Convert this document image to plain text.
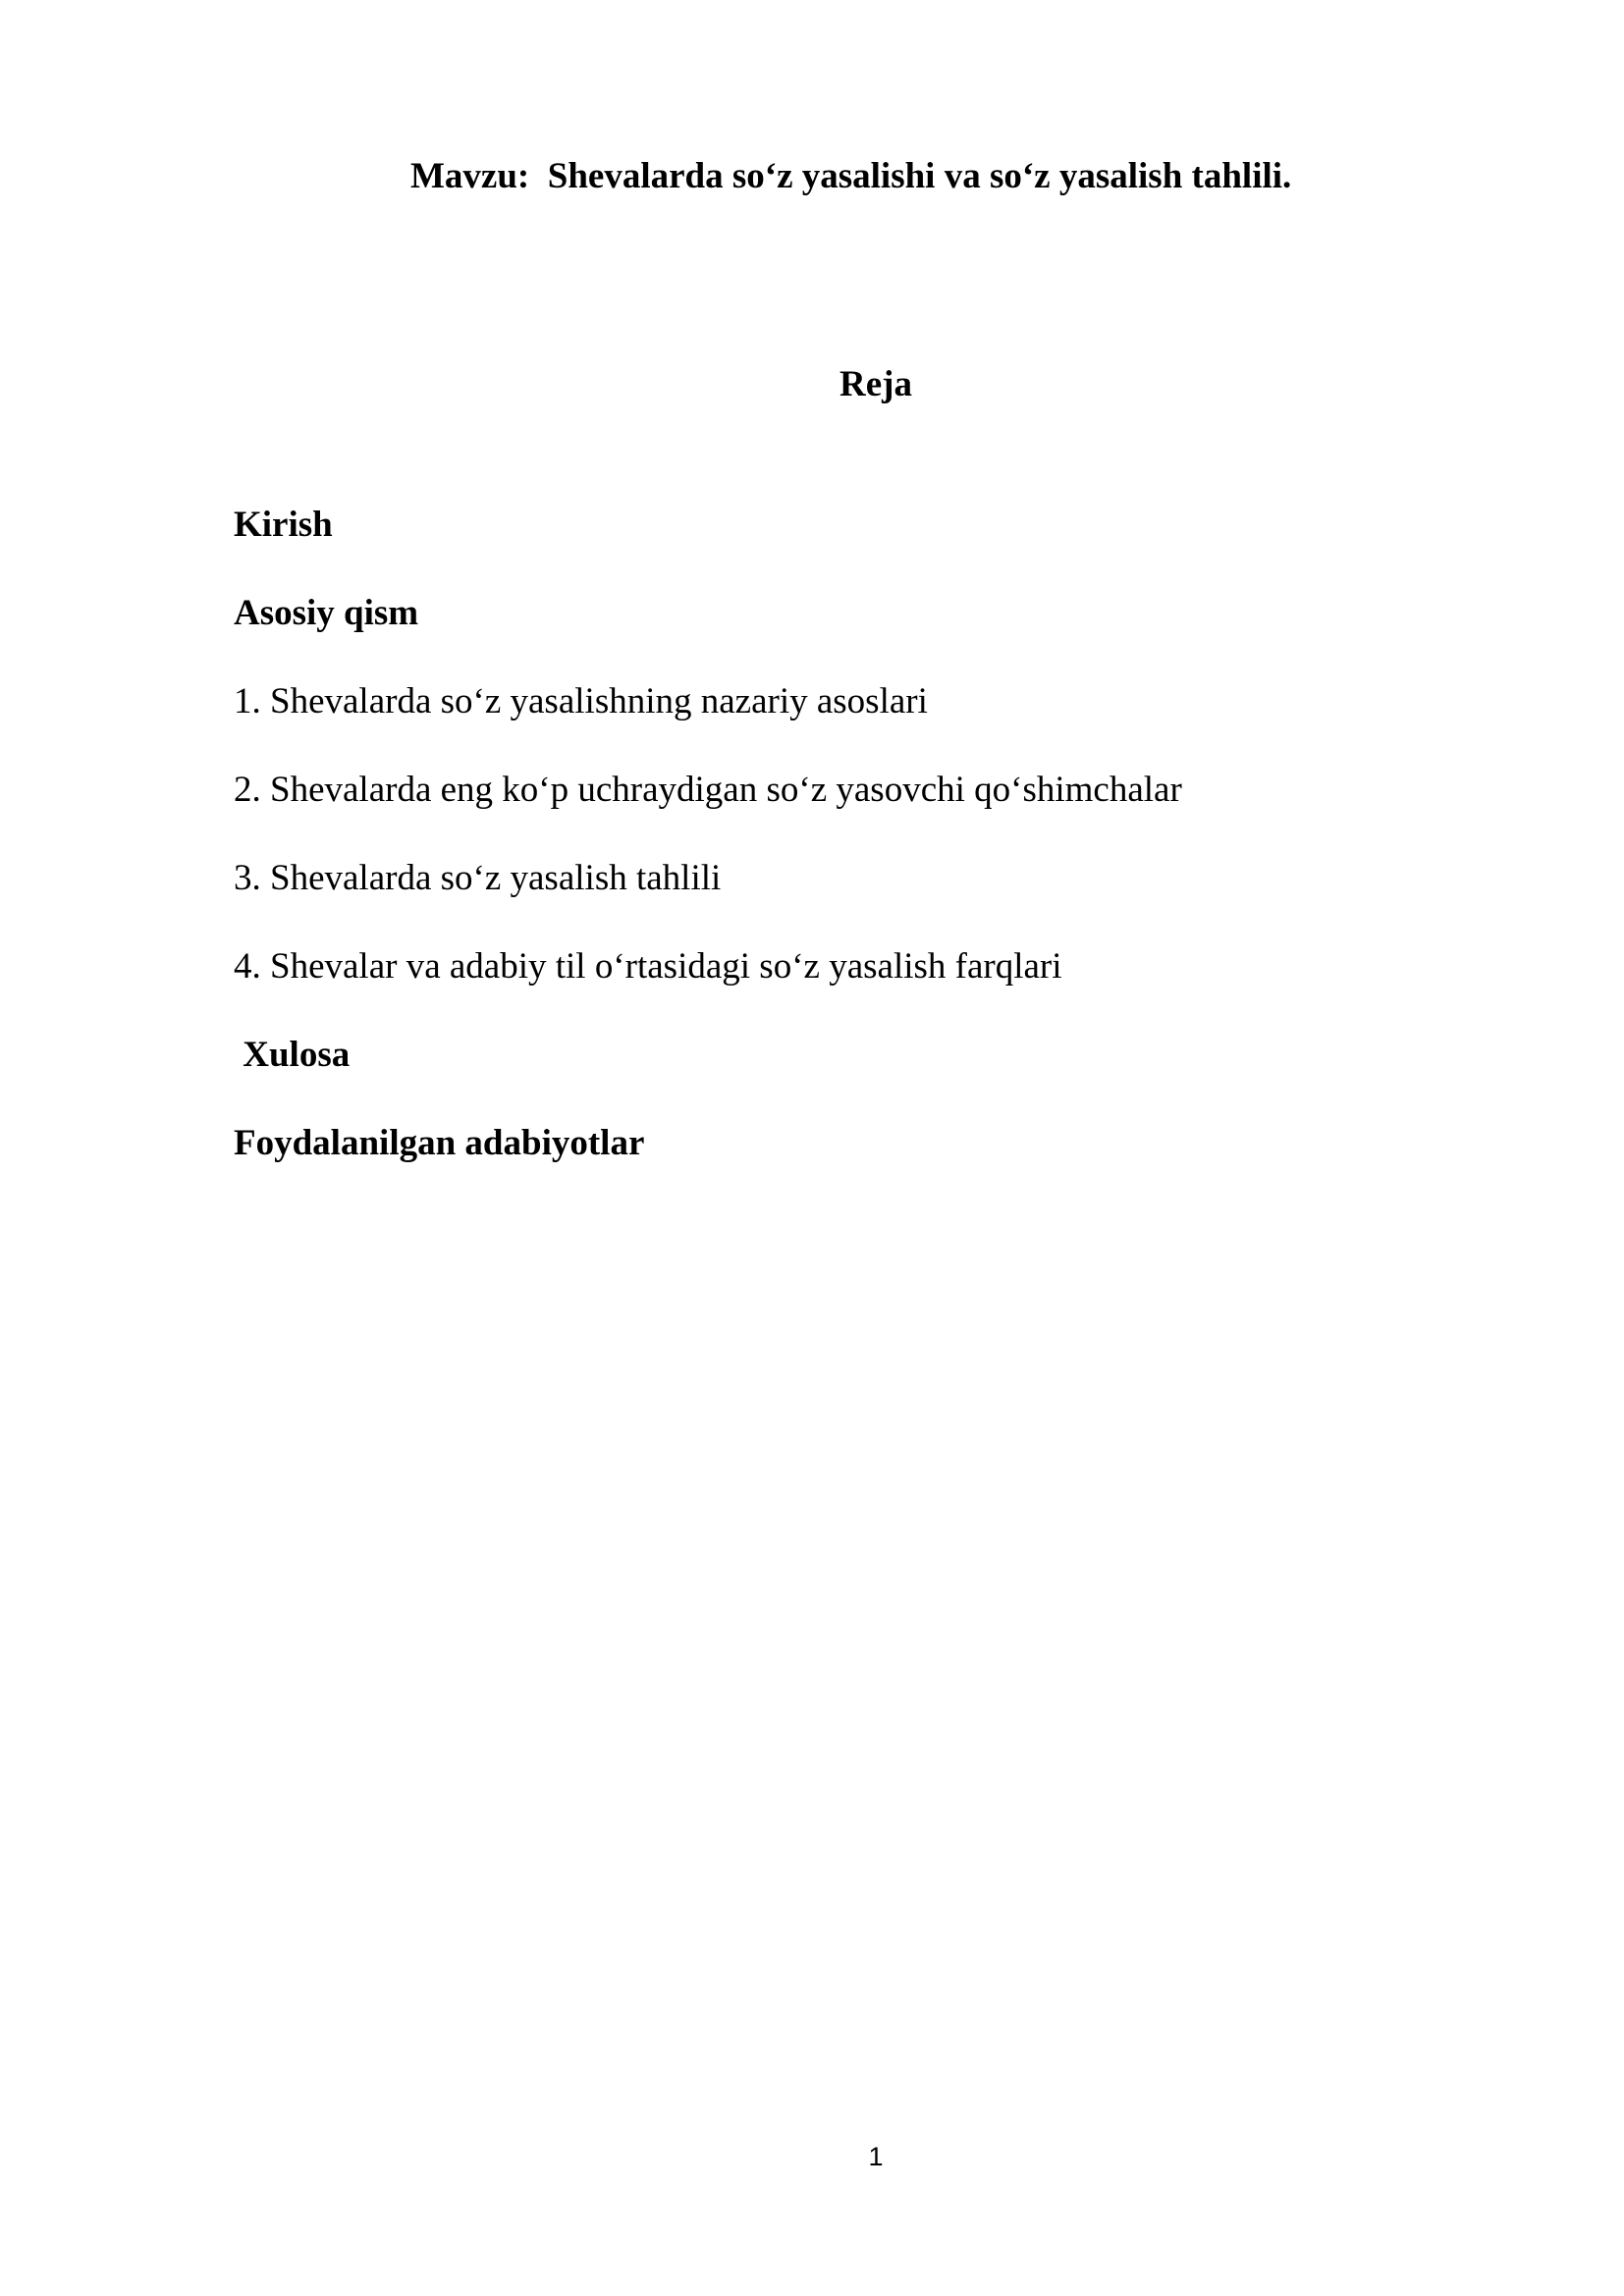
Mavzu:  Shevalarda so‘z yasalishi va so‘z yasalish tahlili.

Reja

Kirish

Asosiy qism

1. Shevalarda so‘z yasalishning nazariy asoslari

2. Shevalarda eng ko‘p uchraydigan so‘z yasovchi qo‘shimchalar

3. Shevalarda so‘z yasalish tahlili

4. Shevalar va adabiy til o‘rtasidagi so‘z yasalish farqlari

Xulosa

Foydalanilgan adabiyotlar

1
